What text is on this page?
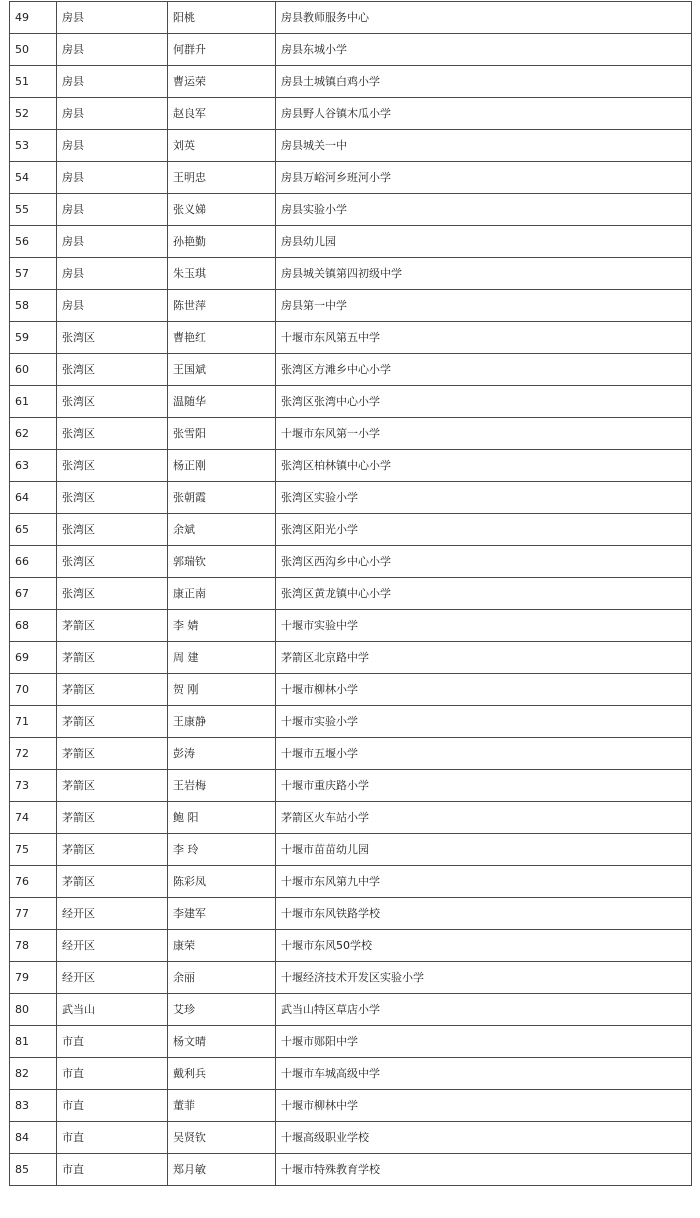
49	房县	阳桃	房县教师服务中心
50	房县	何群升	房县东城小学
51	房县	曹运荣	房县土城镇白鸡小学
52	房县	赵良军	房县野人谷镇木瓜小学
53	房县	刘英	房县城关一中
54	房县	王明忠	房县万峪河乡班河小学
55	房县	张义娣	房县实验小学
56	房县	孙艳勤	房县幼儿园
57	房县	朱玉琪	房县城关镇第四初级中学
58	房县	陈世萍	房县第一中学
59	张湾区	曹艳红	十堰市东风第五中学
60	张湾区	王国斌	张湾区方滩乡中心小学
61	张湾区	温随华	张湾区张湾中心小学
62	张湾区	张雪阳	十堰市东风第一小学
63	张湾区	杨正刚	张湾区柏林镇中心小学
64	张湾区	张朝霞	张湾区实验小学
65	张湾区	余斌	张湾区阳光小学
66	张湾区	郭瑞钦	张湾区西沟乡中心小学
67	张湾区	康正南	张湾区黄龙镇中心小学
68	茅箭区	李 婧	十堰市实验中学
69	茅箭区	周 建	茅箭区北京路中学
70	茅箭区	贺 刚	十堰市柳林小学
71	茅箭区	王康静	十堰市实验小学
72	茅箭区	彭涛	十堰市五堰小学
73	茅箭区	王岩梅	十堰市重庆路小学
74	茅箭区	鲍 阳	茅箭区火车站小学
75	茅箭区	李 玲	十堰市苗苗幼儿园
76	茅箭区	陈彩凤	十堰市东风第九中学
77	经开区	李建军	十堰市东风铁路学校
78	经开区	康荣	十堰市东风50学校
79	经开区	余丽	十堰经济技术开发区实验小学
80	武当山	艾珍	武当山特区草店小学
81	市直	杨文晴	十堰市郧阳中学
82	市直	戴利兵	十堰市车城高级中学
83	市直	董菲	十堰市柳林中学
84	市直	吴贤钦	十堰高级职业学校
85	市直	郑月敏	十堰市特殊教育学校
